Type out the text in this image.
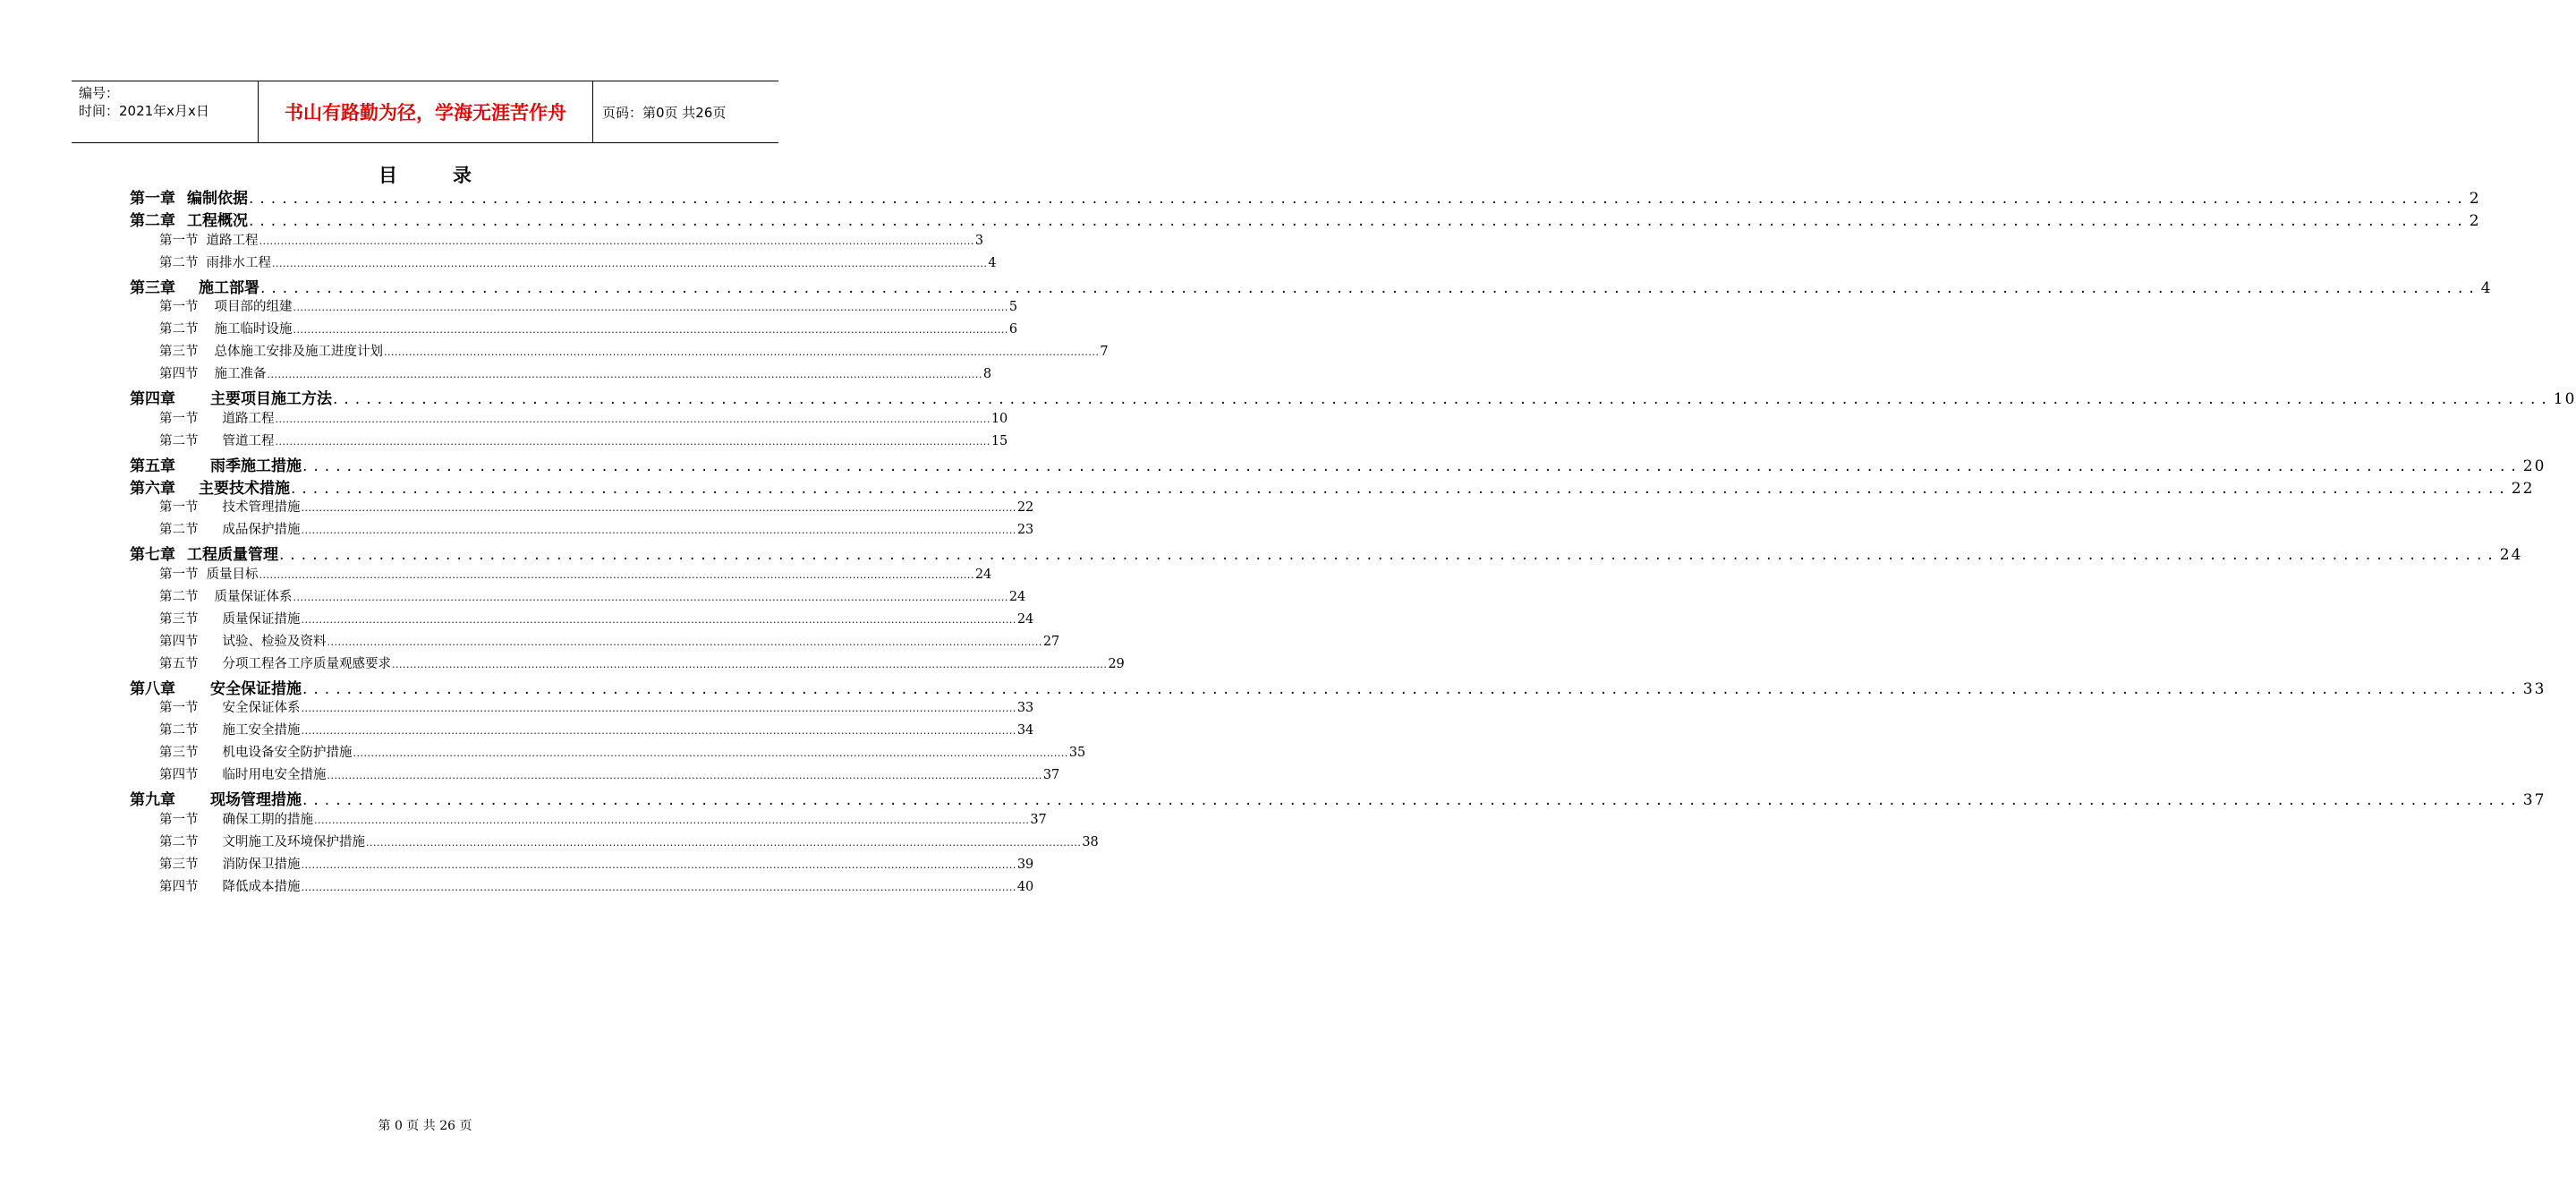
编号：
时间：2021年x月x日	书山有路勤为径，学海无涯苦作舟	页码：第0页 共26页
目	录
第一章 编制依据 ........................................................................................................................................................................................................ 2
第二章 工程概况 ........................................................................................................................................................................................................ 2
第一节 道路工程 ........................................................................................................................................................................................................ 3
第二节 雨排水工程 ........................................................................................................................................................................................................ 4
第三章 施工部署 ........................................................................................................................................................................................................ 4
第一节 项目部的组建 ........................................................................................................................................................................................................ 5
第二节 施工临时设施 ........................................................................................................................................................................................................ 6
第三节 总体施工安排及施工进度计划 ........................................................................................................................................................................................................ 7
第四节 施工准备 ........................................................................................................................................................................................................ 8
第四章 主要项目施工方法 ........................................................................................................................................................................................................ 10
第一节 道路工程 ........................................................................................................................................................................................................ 10
第二节 管道工程 ........................................................................................................................................................................................................ 15
第五章 雨季施工措施 ........................................................................................................................................................................................................ 20
第六章 主要技术措施 ........................................................................................................................................................................................................ 22
第一节 技术管理措施 ........................................................................................................................................................................................................ 22
第二节 成品保护措施 ........................................................................................................................................................................................................ 23
第七章 工程质量管理 ........................................................................................................................................................................................................ 24
第一节 质量目标 ........................................................................................................................................................................................................ 24
第二节 质量保证体系 ........................................................................................................................................................................................................ 24
第三节 质量保证措施 ........................................................................................................................................................................................................ 24
第四节 试验、检验及资料 ........................................................................................................................................................................................................ 27
第五节 分项工程各工序质量观感要求 ........................................................................................................................................................................................................ 29
第八章 安全保证措施 ........................................................................................................................................................................................................ 33
第一节 安全保证体系 ........................................................................................................................................................................................................ 33
第二节 施工安全措施 ........................................................................................................................................................................................................ 34
第三节 机电设备安全防护措施 ........................................................................................................................................................................................................ 35
第四节 临时用电安全措施 ........................................................................................................................................................................................................ 37
第九章 现场管理措施 ........................................................................................................................................................................................................ 37
第一节 确保工期的措施 ........................................................................................................................................................................................................ 37
第二节 文明施工及环境保护措施 ........................................................................................................................................................................................................ 38
第三节 消防保卫措施 ........................................................................................................................................................................................................ 39
第四节 降低成本措施 ........................................................................................................................................................................................................ 40
第 0 页 共 26 页
